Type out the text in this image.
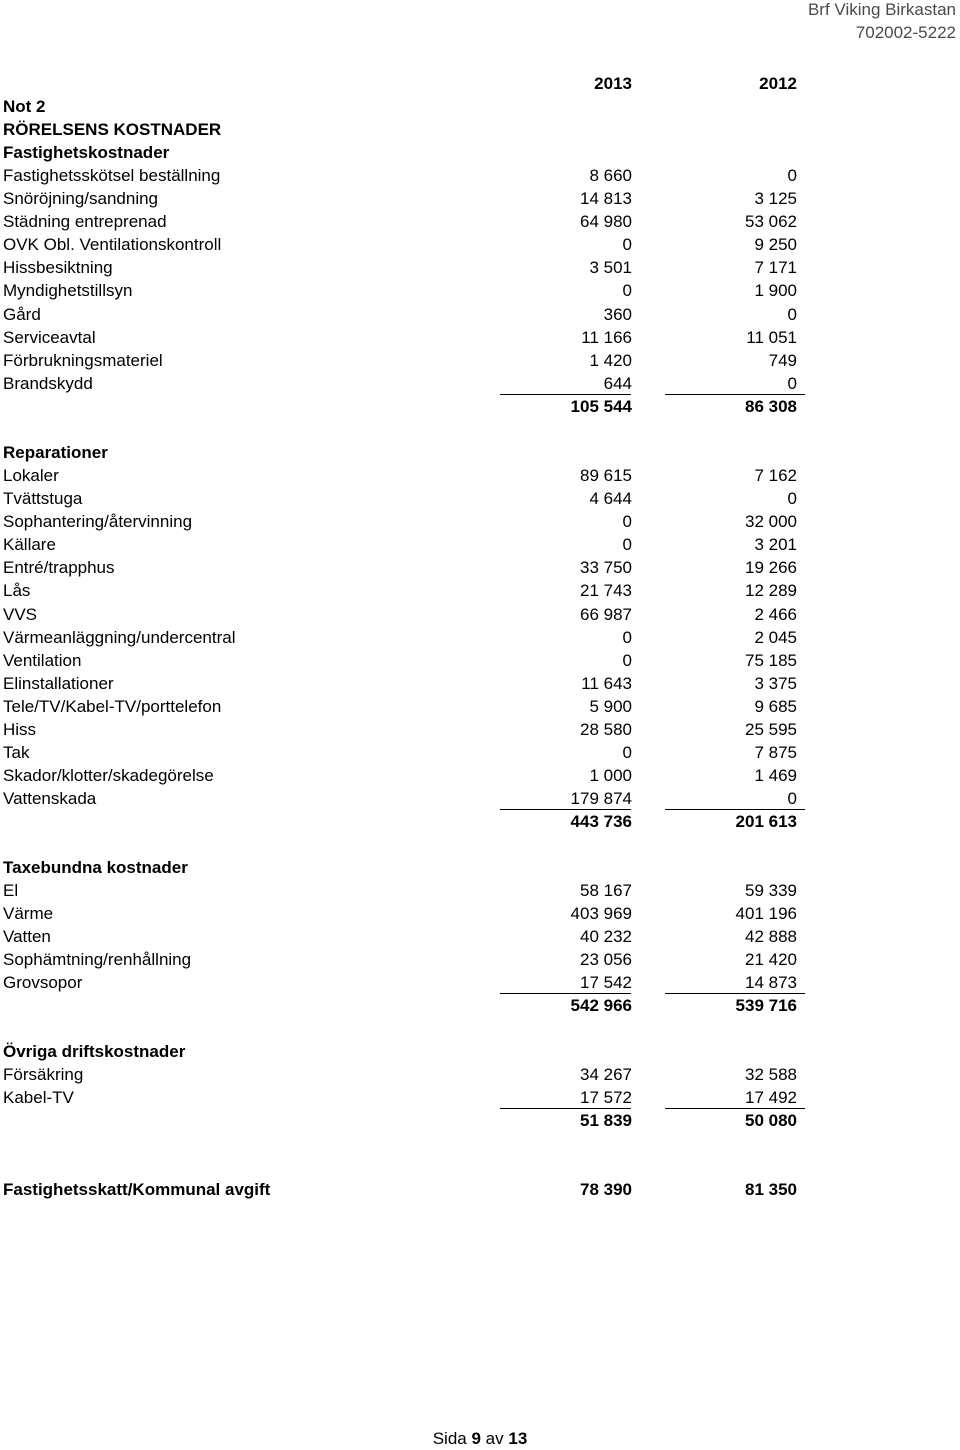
Brf Viking Birkastan
702002-5222
2013	2012
Not 2
RÖRELSENS KOSTNADER
Fastighetskostnader
Fastighetsskötsel beställning	8 660	0
Snöröjning/sandning	14 813	3 125
Städning entreprenad	64 980	53 062
OVK Obl. Ventilationskontroll	0	9 250
Hissbesiktning	3 501	7 171
Myndighetstillsyn	0	1 900
Gård	360	0
Serviceavtal	11 166	11 051
Förbrukningsmateriel	1 420	749
Brandskydd	644	0
105 544	86 308
Reparationer
Lokaler	89 615	7 162
Tvättstuga	4 644	0
Sophantering/återvinning	0	32 000
Källare	0	3 201
Entré/trapphus	33 750	19 266
Lås	21 743	12 289
VVS	66 987	2 466
Värmeanläggning/undercentral	0	2 045
Ventilation	0	75 185
Elinstallationer	11 643	3 375
Tele/TV/Kabel-TV/porttelefon	5 900	9 685
Hiss	28 580	25 595
Tak	0	7 875
Skador/klotter/skadegörelse	1 000	1 469
Vattenskada	179 874	0
443 736	201 613
Taxebundna kostnader
El	58 167	59 339
Värme	403 969	401 196
Vatten	40 232	42 888
Sophämtning/renhållning	23 056	21 420
Grovsopor	17 542	14 873
542 966	539 716
Övriga driftskostnader
Försäkring	34 267	32 588
Kabel-TV	17 572	17 492
51 839	50 080
Fastighetsskatt/Kommunal avgift	78 390	81 350
Sida 9 av 13
